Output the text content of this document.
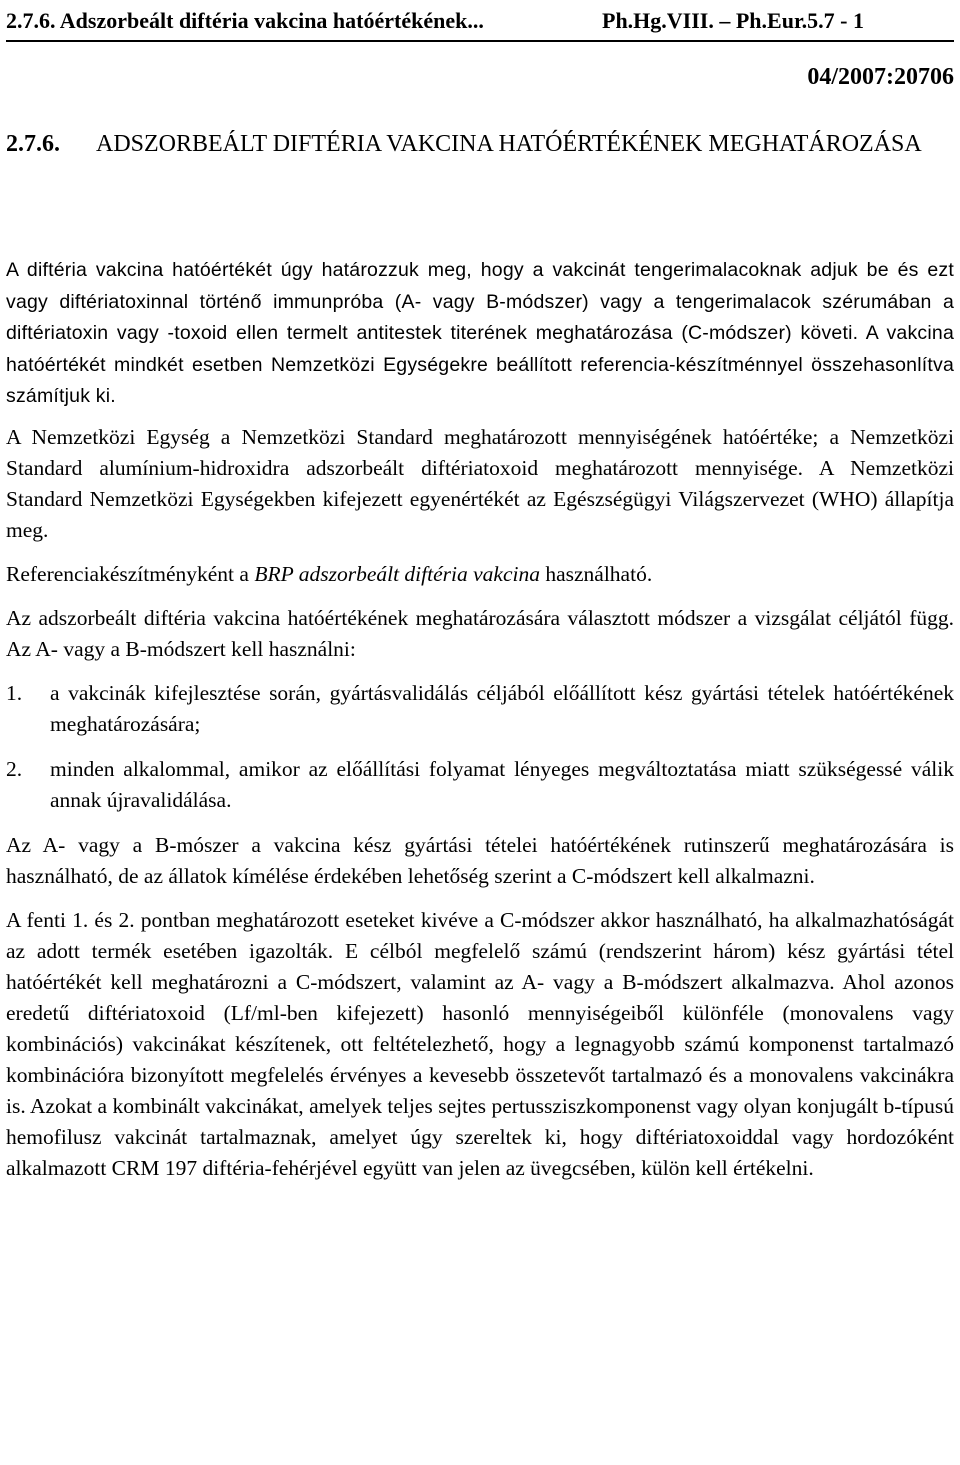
2.7.6. Adszorbeált diftéria vakcina hatóértékének...	Ph.Hg.VIII. – Ph.Eur.5.7 - 1
04/2007:20706
2.7.6. ADSZORBEÁLT DIFTÉRIA VAKCINA HATÓÉRTÉKÉNEK MEGHATÁROZÁSA

A diftéria vakcina hatóértékét úgy határozzuk meg, hogy a vakcinát tengerimalacoknak adjuk be és ezt vagy diftériatoxinnal történő immunpróba (A- vagy B-módszer) vagy a tengerimalacok szérumában a diftériatoxin vagy -toxoid ellen termelt antitestek titerének meghatározása (C-módszer) követi. A vakcina hatóértékét mindkét esetben Nemzetközi Egységekre beállított referencia-készítménnyel összehasonlítva számítjuk ki.

A Nemzetközi Egység a Nemzetközi Standard meghatározott mennyiségének hatóértéke; a Nemzetközi Standard alumínium-hidroxidra adszorbeált diftériatoxoid meghatározott mennyisége. A Nemzetközi Standard Nemzetközi Egységekben kifejezett egyenértékét az Egészségügyi Világszervezet (WHO) állapítja meg.

Referenciakészítményként a BRP adszorbeált diftéria vakcina használható.

Az adszorbeált diftéria vakcina hatóértékének meghatározására választott módszer a vizsgálat céljától függ. Az A- vagy a B-módszert kell használni:

1. a vakcinák kifejlesztése során, gyártásvalidálás céljából előállított kész gyártási tételek hatóértékének meghatározására;
2. minden alkalommal, amikor az előállítási folyamat lényeges megváltoztatása miatt szükségessé válik annak újravalidálása.

Az A- vagy a B-mószer a vakcina kész gyártási tételei hatóértékének rutinszerű meghatározására is használható, de az állatok kímélése érdekében lehetőség szerint a C-módszert kell alkalmazni.

A fenti 1. és 2. pontban meghatározott eseteket kivéve a C-módszer akkor használható, ha alkalmazhatóságát az adott termék esetében igazolták. E célból megfelelő számú (rendszerint három) kész gyártási tétel hatóértékét kell meghatározni a C-módszert, valamint az A- vagy a B-módszert alkalmazva. Ahol azonos eredetű diftériatoxoid (Lf/ml-ben kifejezett) hasonló mennyiségeiből különféle (monovalens vagy kombinációs) vakcinákat készítenek, ott feltételezhető, hogy a legnagyobb számú komponenst tartalmazó kombinációra bizonyított megfelelés érvényes a kevesebb összetevőt tartalmazó és a monovalens vakcinákra is. Azokat a kombinált vakcinákat, amelyek teljes sejtes pertussziszkomponenst vagy olyan konjugált b-típusú hemofilusz vakcinát tartalmaznak, amelyet úgy szereltek ki, hogy diftériatoxoiddal vagy hordozóként alkalmazott CRM 197 diftéria-fehérjével együtt van jelen az üvegcsében, külön kell értékelni.
